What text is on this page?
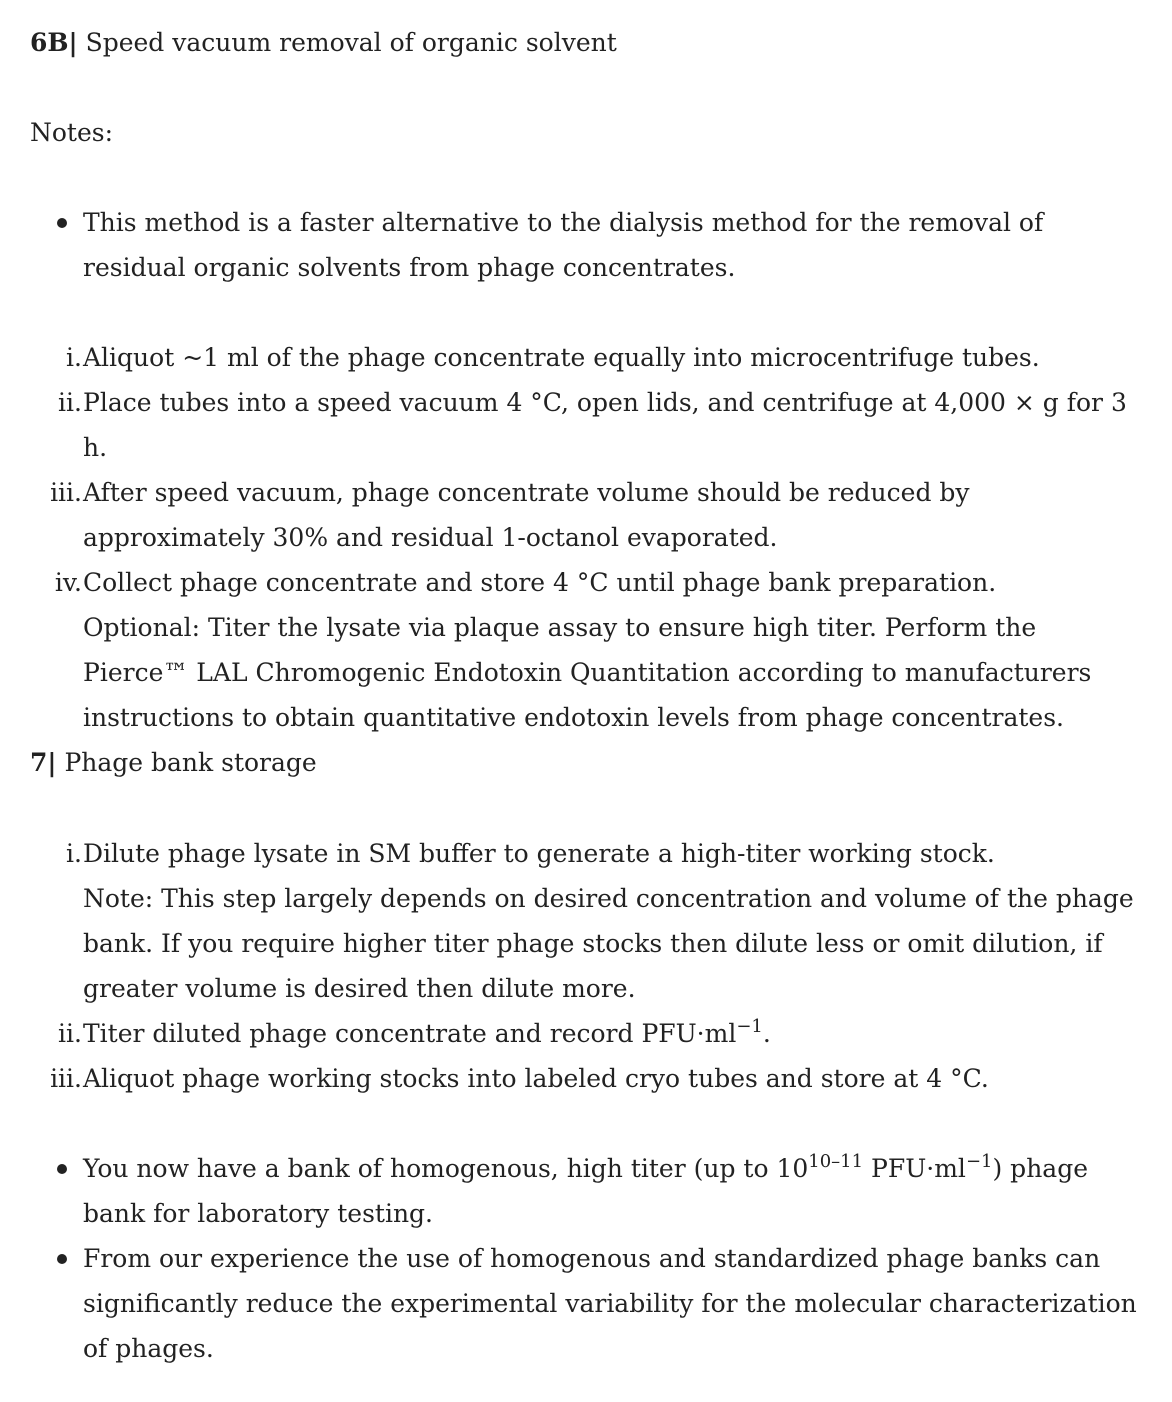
6B| Speed vacuum removal of organic solvent

Notes:

This method is a faster alternative to the dialysis method for the removal of residual organic solvents from phage concentrates.
i. Aliquot ~1 ml of the phage concentrate equally into microcentrifuge tubes.
ii. Place tubes into a speed vacuum 4 °C, open lids, and centrifuge at 4,000 × g for 3 h.
iii. After speed vacuum, phage concentrate volume should be reduced by approximately 30% and residual 1-octanol evaporated.
iv. Collect phage concentrate and store 4 °C until phage bank preparation.
Optional: Titer the lysate via plaque assay to ensure high titer. Perform the Pierce™ LAL Chromogenic Endotoxin Quantitation according to manufacturers instructions to obtain quantitative endotoxin levels from phage concentrates.
7| Phage bank storage
i. Dilute phage lysate in SM buffer to generate a high-titer working stock.
Note: This step largely depends on desired concentration and volume of the phage bank. If you require higher titer phage stocks then dilute less or omit dilution, if greater volume is desired then dilute more.
ii. Titer diluted phage concentrate and record $PFU\cdot ml^{-1}$.
iii. Aliquot phage working stocks into labeled cryo tubes and store at 4 °C.
You now have a bank of homogenous, high titer (up to 10$^{10-11}$ $PFU\cdot ml^{-1}$) phage bank for laboratory testing.
From our experience the use of homogenous and standardized phage banks can significantly reduce the experimental variability for the molecular characterization of phages.
